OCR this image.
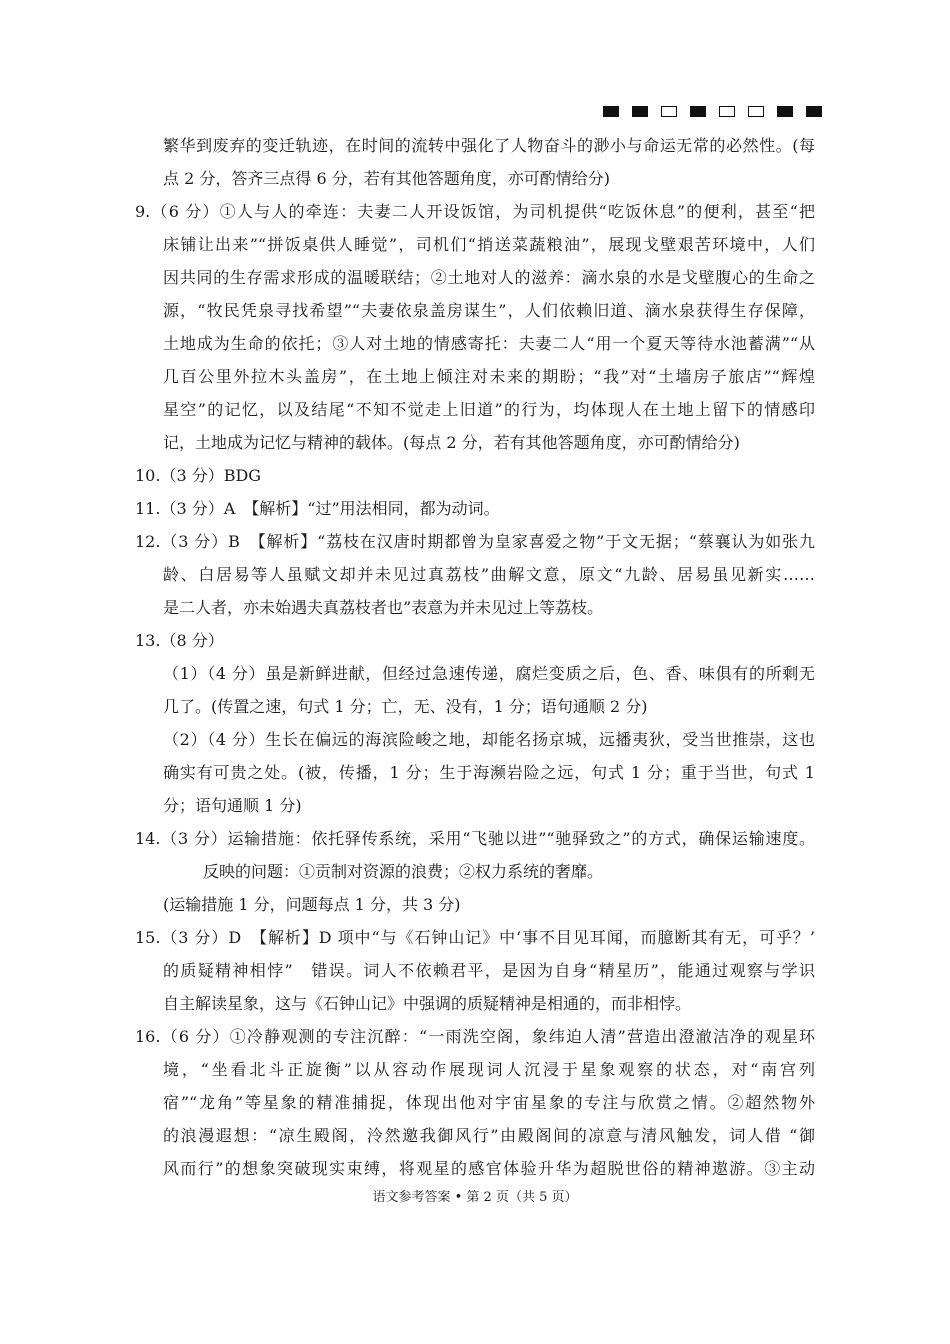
繁华到废弃的变迁轨迹，在时间的流转中强化了人物奋斗的渺小与命运无常的必然性。(每
点 2 分，答齐三点得 6 分，若有其他答题角度，亦可酌情给分)
9.（6 分）①人与人的牵连：夫妻二人开设饭馆，为司机提供“吃饭休息”的便利，甚至“把
床铺让出来”“拼饭桌供人睡觉”，司机们“捎送菜蔬粮油”，展现戈壁艰苦环境中，人们
因共同的生存需求形成的温暖联结；②土地对人的滋养：滴水泉的水是戈壁腹心的生命之
源，“牧民凭泉寻找希望”“夫妻依泉盖房谋生”，人们依赖旧道、滴水泉获得生存保障，
土地成为生命的依托；③人对土地的情感寄托：夫妻二人“用一个夏天等待水池蓄满”“从
几百公里外拉木头盖房”，在土地上倾注对未来的期盼；“我”对“土墙房子旅店”“辉煌
星空”的记忆，以及结尾“不知不觉走上旧道”的行为，均体现人在土地上留下的情感印
记，土地成为记忆与精神的载体。(每点 2 分，若有其他答题角度，亦可酌情给分)
10.（3 分）BDG
11.（3 分）A　【解析】“过”用法相同，都为动词。
12.（3 分）B　【解析】“荔枝在汉唐时期都曾为皇家喜爱之物”于文无据；“蔡襄认为如张九
龄、白居易等人虽赋文却并未见过真荔枝”曲解文意，原文“九龄、居易虽见新实……
是二人者，亦未始遇夫真荔枝者也”表意为并未见过上等荔枝。
13.（8 分）
（1）（4 分）虽是新鲜进献，但经过急速传递，腐烂变质之后，色、香、味俱有的所剩无
几了。(传置之速，句式 1 分；亡，无、没有，1 分；语句通顺 2 分)
（2）（4 分）生长在偏远的海滨险峻之地，却能名扬京城，远播夷狄，受当世推崇，这也
确实有可贵之处。(被，传播，1 分；生于海濒岩险之远，句式 1 分；重于当世，句式 1
分；语句通顺 1 分)
14.（3 分）运输措施：依托驿传系统，采用“飞驰以进”“驰驿致之”的方式，确保运输速度。
反映的问题：①贡制对资源的浪费；②权力系统的奢靡。
(运输措施 1 分，问题每点 1 分，共 3 分)
15.（3 分）D　【解析】D 项中“与《石钟山记》中‘事不目见耳闻，而臆断其有无，可乎？’
的质疑精神相悖”　错误。词人不依赖君平，是因为自身“精星历”，能通过观察与学识
自主解读星象，这与《石钟山记》中强调的质疑精神是相通的，而非相悖。
16.（6 分）①冷静观测的专注沉醉：“一雨洗空阁，象纬迫人清”营造出澄澈洁净的观星环
境，“坐看北斗正旋衡”以从容动作展现词人沉浸于星象观察的状态，对“南宫列
宿”“龙角”等星象的精准捕捉，体现出他对宇宙星象的专注与欣赏之情。②超然物外
的浪漫遐想：“凉生殿阁，泠然邀我御风行”由殿阁间的凉意与清风触发，词人借 “御
风而行”的想象突破现实束缚，将观星的感官体验升华为超脱世俗的精神遨游。③主动
语文参考答案 • 第 2 页（共 5 页）
